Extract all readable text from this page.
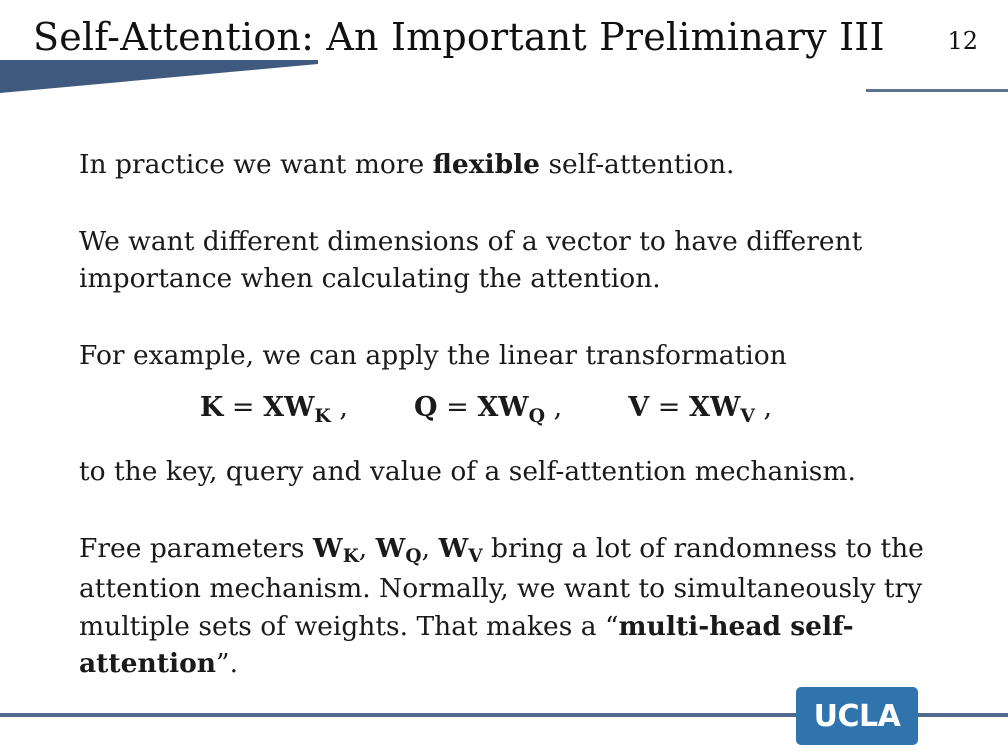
Self-Attention: An Important Preliminary III	12

In practice we want more flexible self-attention.

We want different dimensions of a vector to have different importance when calculating the attention.

For example, we can apply the linear transformation

$K = XW_K$ , $Q = XW_Q$ , $V = XW_V$ ,

to the key, query and value of a self-attention mechanism.

Free parameters $W_K$, $W_Q$, $W_V$ bring a lot of randomness to the attention mechanism. Normally, we want to simultaneously try multiple sets of weights. That makes a “multi-head self-attention”.

UCLA
